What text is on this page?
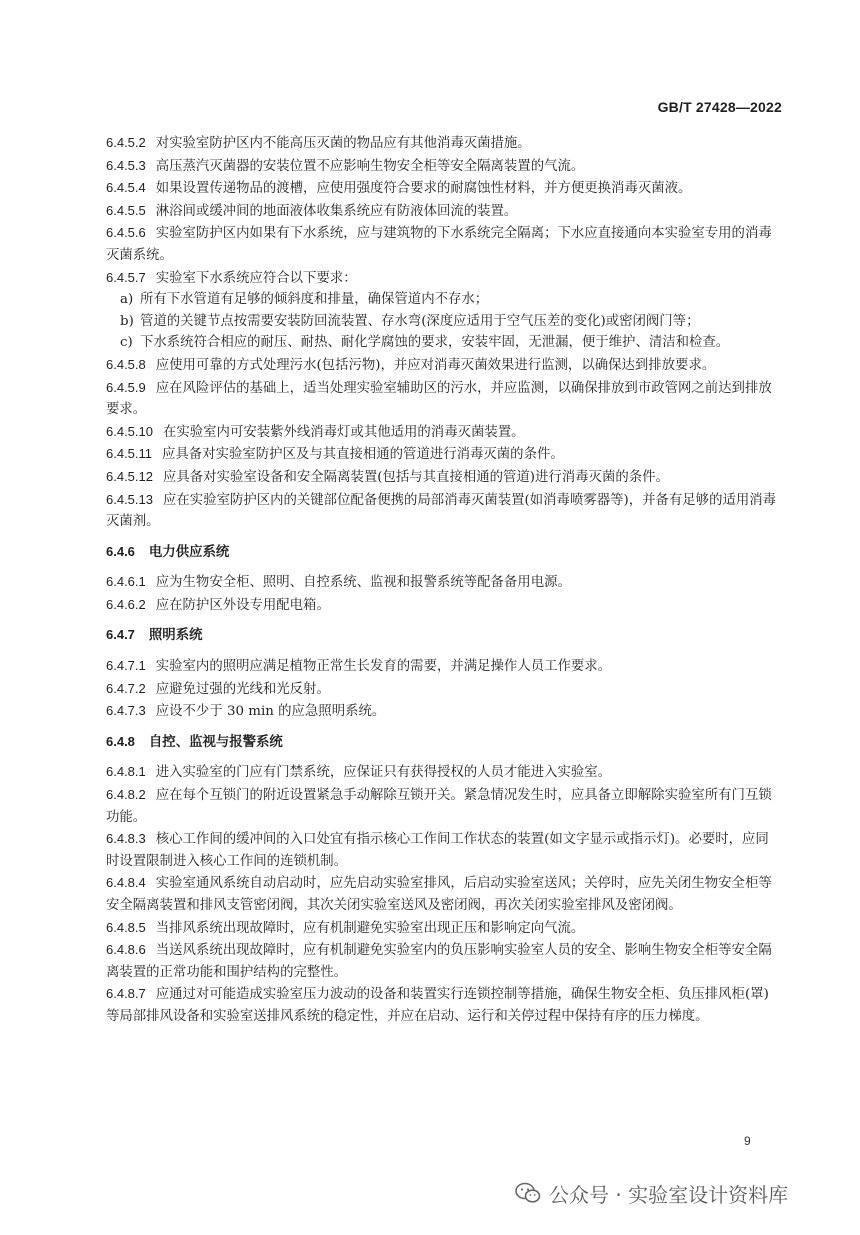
GB/T 27428—2022

6.4.5.2 对实验室防护区内不能高压灭菌的物品应有其他消毒灭菌措施。

6.4.5.3 高压蒸汽灭菌器的安装位置不应影响生物安全柜等安全隔离装置的气流。

6.4.5.4 如果设置传递物品的渡槽，应使用强度符合要求的耐腐蚀性材料，并方便更换消毒灭菌液。

6.4.5.5 淋浴间或缓冲间的地面液体收集系统应有防液体回流的装置。

6.4.5.6 实验室防护区内如果有下水系统，应与建筑物的下水系统完全隔离；下水应直接通向本实验室专用的消毒灭菌系统。

6.4.5.7 实验室下水系统应符合以下要求：

a) 所有下水管道有足够的倾斜度和排量，确保管道内不存水；

b) 管道的关键节点按需要安装防回流装置、存水弯(深度应适用于空气压差的变化)或密闭阀门等；

c) 下水系统符合相应的耐压、耐热、耐化学腐蚀的要求，安装牢固，无泄漏，便于维护、清洁和检查。

6.4.5.8 应使用可靠的方式处理污水(包括污物)，并应对消毒灭菌效果进行监测，以确保达到排放要求。

6.4.5.9 应在风险评估的基础上，适当处理实验室辅助区的污水，并应监测，以确保排放到市政管网之前达到排放要求。

6.4.5.10 在实验室内可安装紫外线消毒灯或其他适用的消毒灭菌装置。

6.4.5.11 应具备对实验室防护区及与其直接相通的管道进行消毒灭菌的条件。

6.4.5.12 应具备对实验室设备和安全隔离装置(包括与其直接相通的管道)进行消毒灭菌的条件。

6.4.5.13 应在实验室防护区内的关键部位配备便携的局部消毒灭菌装置(如消毒喷雾器等)，并备有足够的适用消毒灭菌剂。

6.4.6 电力供应系统

6.4.6.1 应为生物安全柜、照明、自控系统、监视和报警系统等配备备用电源。

6.4.6.2 应在防护区外设专用配电箱。

6.4.7 照明系统

6.4.7.1 实验室内的照明应满足植物正常生长发育的需要，并满足操作人员工作要求。

6.4.7.2 应避免过强的光线和光反射。

6.4.7.3 应设不少于 30 min 的应急照明系统。

6.4.8 自控、监视与报警系统

6.4.8.1 进入实验室的门应有门禁系统，应保证只有获得授权的人员才能进入实验室。

6.4.8.2 应在每个互锁门的附近设置紧急手动解除互锁开关。紧急情况发生时，应具备立即解除实验室所有门互锁功能。

6.4.8.3 核心工作间的缓冲间的入口处宜有指示核心工作间工作状态的装置(如文字显示或指示灯)。必要时，应同时设置限制进入核心工作间的连锁机制。

6.4.8.4 实验室通风系统自动启动时，应先启动实验室排风，后启动实验室送风；关停时，应先关闭生物安全柜等安全隔离装置和排风支管密闭阀，其次关闭实验室送风及密闭阀，再次关闭实验室排风及密闭阀。

6.4.8.5 当排风系统出现故障时，应有机制避免实验室出现正压和影响定向气流。

6.4.8.6 当送风系统出现故障时，应有机制避免实验室内的负压影响实验室人员的安全、影响生物安全柜等安全隔离装置的正常功能和围护结构的完整性。

6.4.8.7 应通过对可能造成实验室压力波动的设备和装置实行连锁控制等措施，确保生物安全柜、负压排风柜(罩)等局部排风设备和实验室送排风系统的稳定性，并应在启动、运行和关停过程中保持有序的压力梯度。

9
公众号 · 实验室设计资料库
